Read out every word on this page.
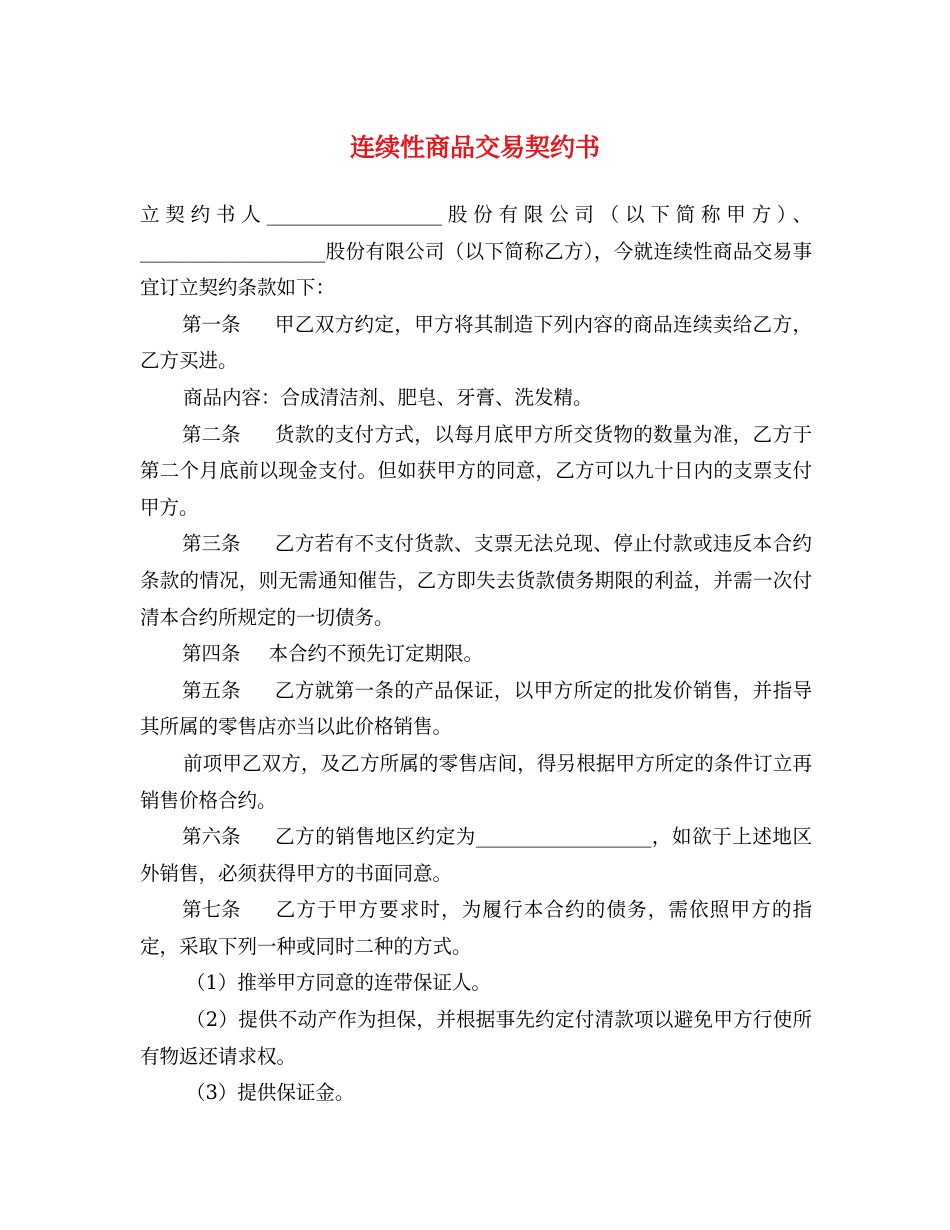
连续性商品交易契约书

立契约书人__________________股份有限公司（以下简称甲方）、___________________股份有限公司（以下简称乙方），今就连续性商品交易事宜订立契约条款如下：

第一条 甲乙双方约定，甲方将其制造下列内容的商品连续卖给乙方，乙方买进。

商品内容：合成清洁剂、肥皂、牙膏、洗发精。

第二条 货款的支付方式，以每月底甲方所交货物的数量为准，乙方于第二个月底前以现金支付。但如获甲方的同意，乙方可以九十日内的支票支付甲方。

第三条 乙方若有不支付货款、支票无法兑现、停止付款或违反本合约条款的情况，则无需通知催告，乙方即失去货款债务期限的利益，并需一次付清本合约所规定的一切债务。

第四条 本合约不预先订定期限。

第五条 乙方就第一条的产品保证，以甲方所定的批发价销售，并指导其所属的零售店亦当以此价格销售。

前项甲乙双方，及乙方所属的零售店间，得另根据甲方所定的条件订立再销售价格合约。

第六条 乙方的销售地区约定为__________________，如欲于上述地区外销售，必须获得甲方的书面同意。

第七条 乙方于甲方要求时，为履行本合约的债务，需依照甲方的指定，采取下列一种或同时二种的方式。

（1）推举甲方同意的连带保证人。

（2）提供不动产作为担保，并根据事先约定付清款项以避免甲方行使所有物返还请求权。

（3）提供保证金。
